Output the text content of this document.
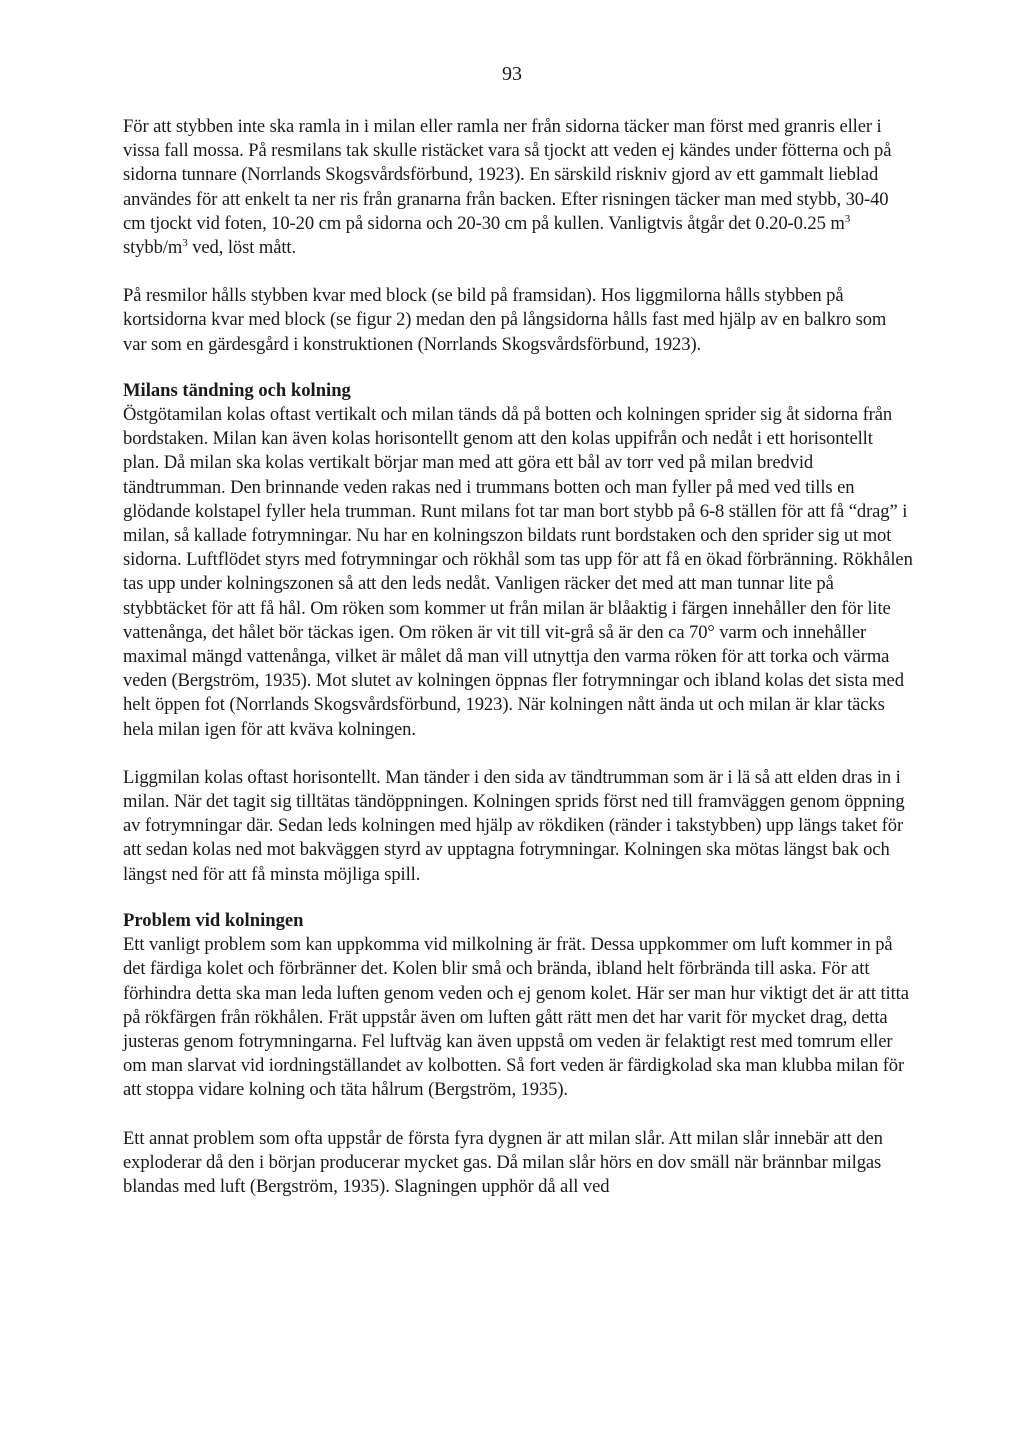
93

För att stybben inte ska ramla in i milan eller ramla ner från sidorna täcker man först med granris eller i vissa fall mossa. På resmilans tak skulle ristäcket vara så tjockt att veden ej kändes under fötterna och på sidorna tunnare (Norrlands Skogsvårdsförbund, 1923). En särskild riskniv gjord av ett gammalt lieblad användes för att enkelt ta ner ris från granarna från backen. Efter risningen täcker man med stybb, 30-40 cm tjockt vid foten, 10-20 cm på sidorna och 20-30 cm på kullen. Vanligtvis åtgår det 0.20-0.25 $m^3$ stybb/$m^3$ ved, löst mått.

På resmilor hålls stybben kvar med block (se bild på framsidan). Hos liggmilorna hålls stybben på kortsidorna kvar med block (se figur 2) medan den på långsidorna hålls fast med hjälp av en balkro som var som en gärdesgård i konstruktionen (Norrlands Skogsvårdsförbund, 1923).

Milans tändning och kolning

Östgötamilan kolas oftast vertikalt och milan tänds då på botten och kolningen sprider sig åt sidorna från bordstaken. Milan kan även kolas horisontellt genom att den kolas uppifrån och nedåt i ett horisontellt plan. Då milan ska kolas vertikalt börjar man med att göra ett bål av torr ved på milan bredvid tändtrumman. Den brinnande veden rakas ned i trummans botten och man fyller på med ved tills en glödande kolstapel fyller hela trumman. Runt milans fot tar man bort stybb på 6-8 ställen för att få “drag” i milan, så kallade fotrymningar. Nu har en kolningszon bildats runt bordstaken och den sprider sig ut mot sidorna. Luftflödet styrs med fotrymningar och rökhål som tas upp för att få en ökad förbränning. Rökhålen tas upp under kolningszonen så att den leds nedåt. Vanligen räcker det med att man tunnar lite på stybbtäcket för att få hål. Om röken som kommer ut från milan är blåaktig i färgen innehåller den för lite vattenånga, det hålet bör täckas igen. Om röken är vit till vit-grå så är den ca 70° varm och innehåller maximal mängd vattenånga, vilket är målet då man vill utnyttja den varma röken för att torka och värma veden (Bergström, 1935). Mot slutet av kolningen öppnas fler fotrymningar och ibland kolas det sista med helt öppen fot (Norrlands Skogsvårdsförbund, 1923). När kolningen nått ända ut och milan är klar täcks hela milan igen för att kväva kolningen.

Liggmilan kolas oftast horisontellt. Man tänder i den sida av tändtrumman som är i lä så att elden dras in i milan. När det tagit sig tilltätas tändöppningen. Kolningen sprids först ned till framväggen genom öppning av fotrymningar där. Sedan leds kolningen med hjälp av rökdiken (ränder i takstybben) upp längs taket för att sedan kolas ned mot bakväggen styrd av upptagna fotrymningar. Kolningen ska mötas längst bak och längst ned för att få minsta möjliga spill.

Problem vid kolningen

Ett vanligt problem som kan uppkomma vid milkolning är frät. Dessa uppkommer om luft kommer in på det färdiga kolet och förbränner det. Kolen blir små och brända, ibland helt förbrända till aska. För att förhindra detta ska man leda luften genom veden och ej genom kolet. Här ser man hur viktigt det är att titta på rökfärgen från rökhålen. Frät uppstår även om luften gått rätt men det har varit för mycket drag, detta justeras genom fotrymningarna. Fel luftväg kan även uppstå om veden är felaktigt rest med tomrum eller om man slarvat vid iordningställandet av kolbotten. Så fort veden är färdigkolad ska man klubba milan för att stoppa vidare kolning och täta hålrum (Bergström, 1935).

Ett annat problem som ofta uppstår de första fyra dygnen är att milan slår. Att milan slår innebär att den exploderar då den i början producerar mycket gas. Då milan slår hörs en dov smäll när brännbar milgas blandas med luft (Bergström, 1935). Slagningen upphör då all ved
